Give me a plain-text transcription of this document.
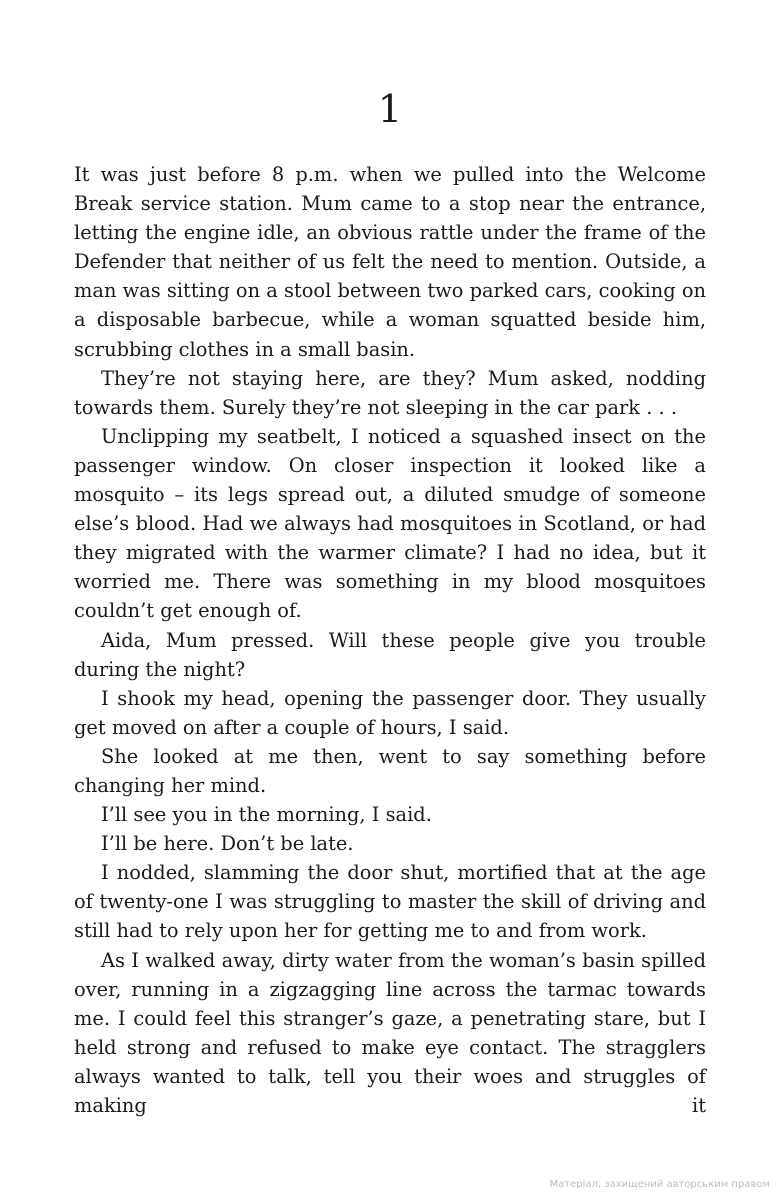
1

It was just before 8 p.m. when we pulled into the Welcome Break service station. Mum came to a stop near the entrance, letting the engine idle, an obvious rattle under the frame of the Defender that neither of us felt the need to mention. Outside, a man was sitting on a stool between two parked cars, cooking on a disposable barbecue, while a woman squatted beside him, scrubbing clothes in a small basin.

They’re not staying here, are they? Mum asked, nodding towards them. Surely they’re not sleeping in the car park . . .

Unclipping my seatbelt, I noticed a squashed insect on the passenger window. On closer inspection it looked like a mosquito – its legs spread out, a diluted smudge of someone else’s blood. Had we always had mosquitoes in Scotland, or had they migrated with the warmer climate? I had no idea, but it worried me. There was something in my blood mosquitoes couldn’t get enough of.

Aida, Mum pressed. Will these people give you trouble during the night?

I shook my head, opening the passenger door. They usually get moved on after a couple of hours, I said.

She looked at me then, went to say something before changing her mind.

I’ll see you in the morning, I said.

I’ll be here. Don’t be late.

I nodded, slamming the door shut, mortified that at the age of twenty-one I was struggling to master the skill of driving and still had to rely upon her for getting me to and from work.

As I walked away, dirty water from the woman’s basin spilled over, running in a zigzagging line across the tarmac towards me. I could feel this stranger’s gaze, a penetrating stare, but I held strong and refused to make eye contact. The stragglers always wanted to talk, tell you their woes and struggles of making it

Матеріал, захищений авторським правом
